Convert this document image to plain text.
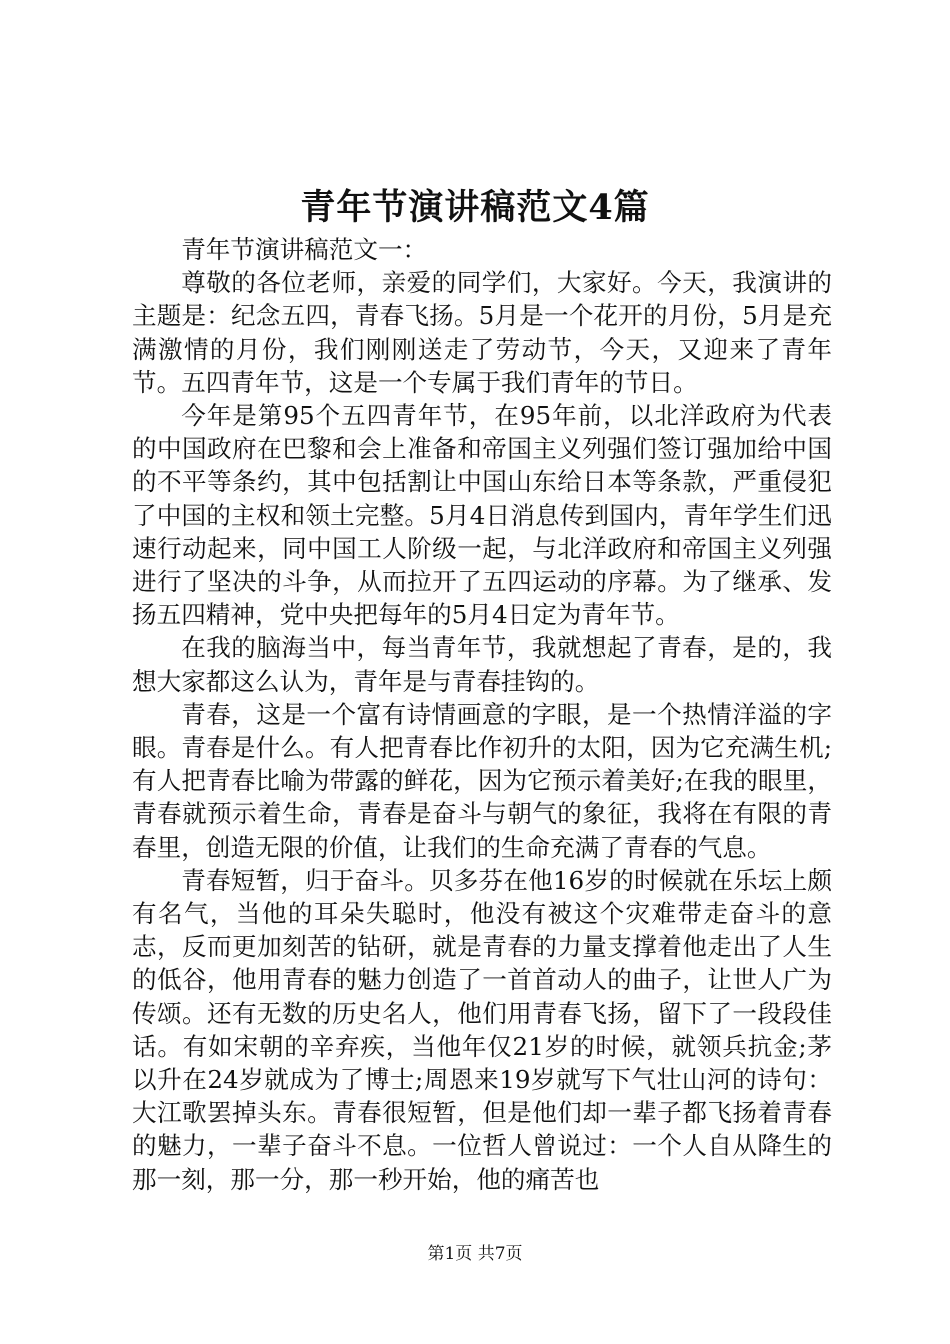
青年节演讲稿范文4篇

青年节演讲稿范文一：

尊敬的各位老师，亲爱的同学们，大家好。今天，我演讲的主题是：纪念五四，青春飞扬。5月是一个花开的月份，5月是充满激情的月份，我们刚刚送走了劳动节，今天，又迎来了青年节。五四青年节，这是一个专属于我们青年的节日。

今年是第95个五四青年节，在95年前，以北洋政府为代表的中国政府在巴黎和会上准备和帝国主义列强们签订强加给中国的不平等条约，其中包括割让中国山东给日本等条款，严重侵犯了中国的主权和领土完整。5月4日消息传到国内，青年学生们迅速行动起来，同中国工人阶级一起，与北洋政府和帝国主义列强进行了坚决的斗争，从而拉开了五四运动的序幕。为了继承、发扬五四精神，党中央把每年的5月4日定为青年节。

在我的脑海当中，每当青年节，我就想起了青春，是的，我想大家都这么认为，青年是与青春挂钩的。

青春，这是一个富有诗情画意的字眼，是一个热情洋溢的字眼。青春是什么。有人把青春比作初升的太阳，因为它充满生机;有人把青春比喻为带露的鲜花，因为它预示着美好;在我的眼里，青春就预示着生命，青春是奋斗与朝气的象征，我将在有限的青春里，创造无限的价值，让我们的生命充满了青春的气息。

青春短暂，归于奋斗。贝多芬在他16岁的时候就在乐坛上颇有名气，当他的耳朵失聪时，他没有被这个灾难带走奋斗的意志，反而更加刻苦的钻研，就是青春的力量支撑着他走出了人生的低谷，他用青春的魅力创造了一首首动人的曲子，让世人广为传颂。还有无数的历史名人，他们用青春飞扬，留下了一段段佳话。有如宋朝的辛弃疾，当他年仅21岁的时候，就领兵抗金;茅以升在24岁就成为了博士;周恩来19岁就写下气壮山河的诗句：大江歌罢掉头东。青春很短暂，但是他们却一辈子都飞扬着青春的魅力，一辈子奋斗不息。一位哲人曾说过：一个人自从降生的那一刻，那一分，那一秒开始，他的痛苦也

第1页 共7页
